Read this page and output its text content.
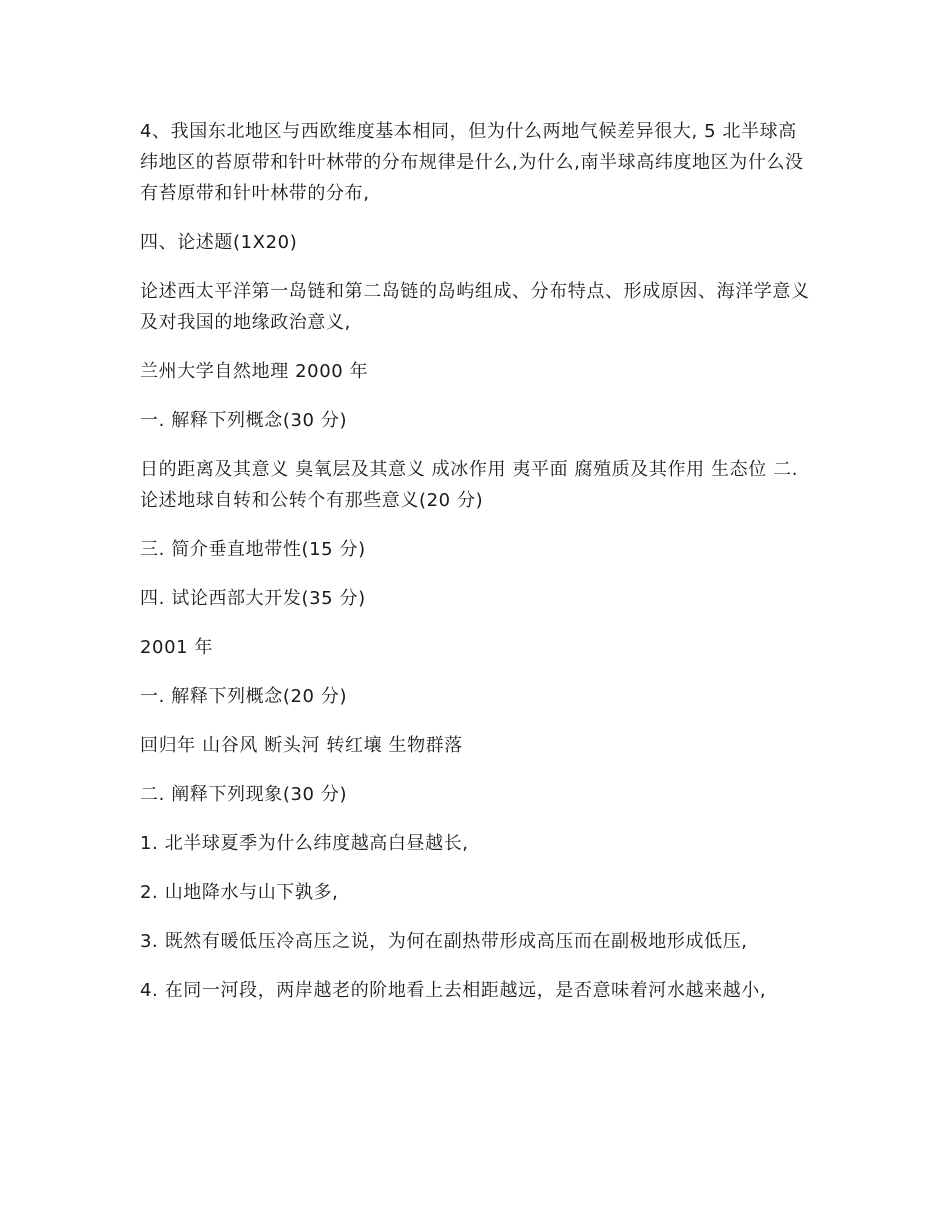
4、我国东北地区与西欧维度基本相同，但为什么两地气候差异很大, 5 北半球高纬地区的苔原带和针叶林带的分布规律是什么,为什么,南半球高纬度地区为什么没有苔原带和针叶林带的分布,

四、论述题(1X20)

论述西太平洋第一岛链和第二岛链的岛屿组成、分布特点、形成原因、海洋学意义及对我国的地缘政治意义,

兰州大学自然地理 2000 年

一. 解释下列概念(30 分)

日的距离及其意义 臭氧层及其意义 成冰作用 夷平面 腐殖质及其作用 生态位 二. 论述地球自转和公转个有那些意义(20 分)

三. 简介垂直地带性(15 分)

四. 试论西部大开发(35 分)

2001 年

一. 解释下列概念(20 分)

回归年 山谷风 断头河 转红壤 生物群落

二. 阐释下列现象(30 分)

1. 北半球夏季为什么纬度越高白昼越长,

2. 山地降水与山下孰多,

3. 既然有暖低压冷高压之说，为何在副热带形成高压而在副极地形成低压,

4. 在同一河段，两岸越老的阶地看上去相距越远，是否意味着河水越来越小,
